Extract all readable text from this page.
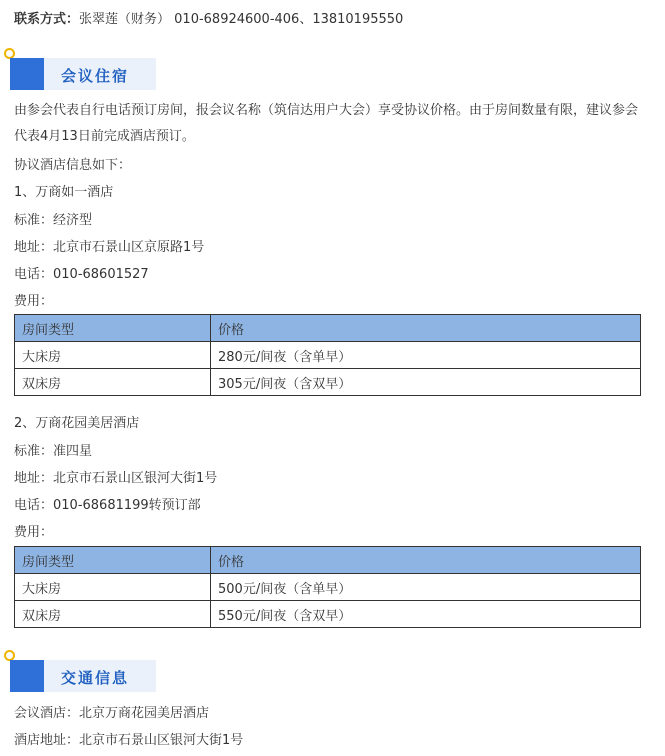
联系方式：张翠莲（财务） 010-68924600-406、13810195550
会议住宿
由参会代表自行电话预订房间，报会议名称（筑信达用户大会）享受协议价格。由于房间数量有限，建议参会代表4月13日前完成酒店预订。
协议酒店信息如下：
1、万商如一酒店
标准：经济型
地址：北京市石景山区京原路1号
电话：010-68601527
费用：
房间类型	价格
大床房	280元/间夜（含单早）
双床房	305元/间夜（含双早）
2、万商花园美居酒店
标准：准四星
地址：北京市石景山区银河大街1号
电话：010-68681199转预订部
费用：
房间类型	价格
大床房	500元/间夜（含单早）
双床房	550元/间夜（含双早）
交通信息
会议酒店：北京万商花园美居酒店
酒店地址：北京市石景山区银河大街1号
